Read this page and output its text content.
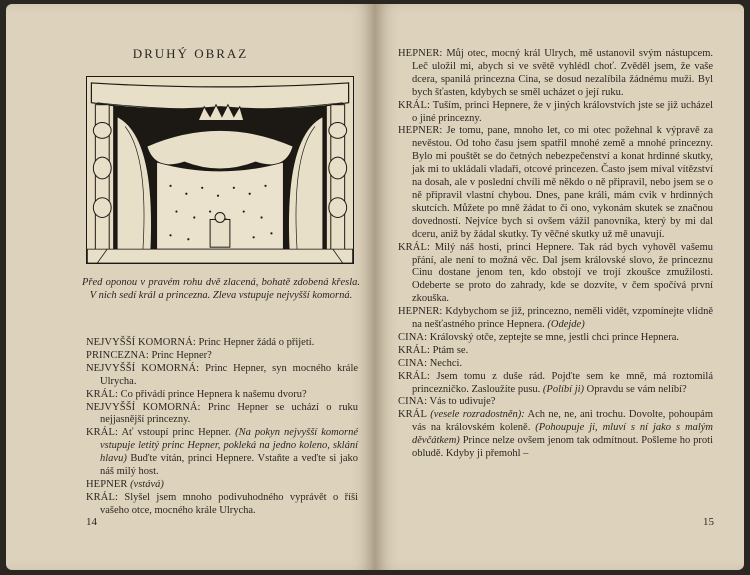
DRUHÝ OBRAZ
Před oponou v pravém rohu dvě zlacená, bohatě zdobená křesla. V nich sedí král a princezna. Zleva vstupuje nejvyšší komorná.
NEJVYŠŠÍ KOMORNÁ: Princ Hepner žádá o přijetí.
PRINCEZNA: Princ Hepner?
NEJVYŠŠÍ KOMORNÁ: Princ Hepner, syn mocného krále Ulrycha.
KRÁL: Co přivádí prince Hepnera k našemu dvoru?
NEJVYŠŠÍ KOMORNÁ: Princ Hepner se uchází o ruku nejjasnější princezny.
KRÁL: Ať vstoupí princ Hepner. (Na pokyn nejvyšší komorné vstupuje letitý princ Hepner, pokleká na jedno koleno, sklání hlavu) Buďte vítán, princi Hepnere. Vstaňte a veďte si jako náš milý host.
HEPNER (vstává)
KRÁL: Slyšel jsem mnoho podivuhodného vyprávět o říši vašeho otce, mocného krále Ulrycha.
14
HEPNER: Můj otec, mocný král Ulrych, mě ustanovil svým nástupcem. Leč uložil mi, abych si ve světě vyhlédl choť. Zvěděl jsem, že vaše dcera, spanilá princezna Cina, se dosud nezalíbila žádnému muži. Byl bych šťasten, kdybych se směl ucházet o její ruku.
KRÁL: Tuším, princi Hepnere, že v jiných královstvích jste se již ucházel o jiné princezny.
HEPNER: Je tomu, pane, mnoho let, co mi otec požehnal k výpravě za nevěstou. Od toho času jsem spatřil mnohé země a mnohé princezny. Bylo mi pouštět se do četných nebezpečenství a konat hrdinné skutky, jak mi to ukládali vladaři, otcové princezen. Často jsem míval vítězství na dosah, ale v poslední chvíli mě někdo o ně připravil, nebo jsem se o ně připravil vlastní chybou. Dnes, pane králi, mám cvik v hrdinných skutcích. Můžete po mně žádat to či ono, vykonám skutek se značnou dovedností. Nejvíce bych si ovšem vážil panovníka, který by mi dal dceru, aniž by žádal skutky. Ty věčné skutky už mě unavují.
KRÁL: Milý náš hosti, princi Hepnere. Tak rád bych vyhověl vašemu přání, ale není to možná věc. Dal jsem královské slovo, že princeznu Cinu dostane jenom ten, kdo obstojí ve trojí zkoušce zmužilosti. Odeberte se proto do zahrady, kde se dozvíte, v čem spočívá první zkouška.
HEPNER: Kdybychom se již, princezno, neměli vidět, vzpomínejte vlídně na nešťastného prince Hepnera. (Odejde)
CINA: Královský otče, zeptejte se mne, jestli chci prince Hepnera.
KRÁL: Ptám se.
CINA: Nechci.
KRÁL: Jsem tomu z duše rád. Pojďte sem ke mně, má roztomilá princezničko. Zasloužíte pusu. (Políbí ji) Opravdu se vám nelíbí?
CINA: Vás to udivuje?
KRÁL (vesele rozradostněn): Ach ne, ne, ani trochu. Dovolte, pohoupám vás na královském koleně. (Pohoupuje ji, mluví s ní jako s malým děvčátkem) Prince nelze ovšem jenom tak odmítnout. Pošleme ho proti obludě. Kdyby ji přemohl –
15
